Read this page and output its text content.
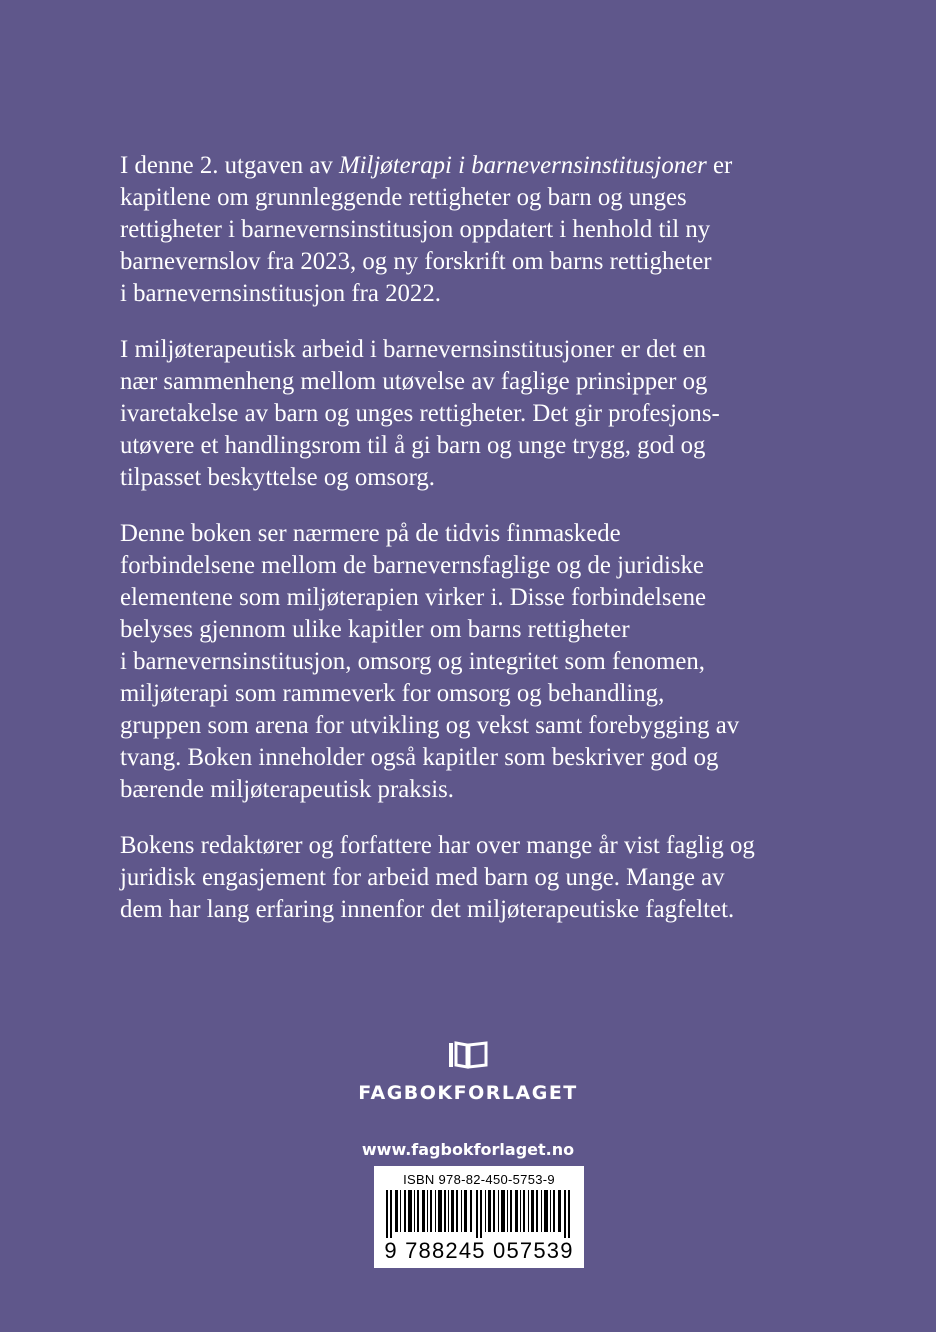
I denne 2. utgaven av Miljøterapi i barnevernsinstitusjoner er
kapitlene om grunnleggende rettigheter og barn og unges
rettigheter i barnevernsinstitusjon oppdatert i henhold til ny
barnevernslov fra 2023, og ny forskrift om barns rettigheter
i barnevernsinstitusjon fra 2022.

I miljøterapeutisk arbeid i barnevernsinstitusjoner er det en
nær sammenheng mellom utøvelse av faglige prinsipper og
ivaretakelse av barn og unges rettigheter. Det gir profesjons-
utøvere et handlingsrom til å gi barn og unge trygg, god og
tilpasset beskyttelse og omsorg.

Denne boken ser nærmere på de tidvis finmaskede
forbindelsene mellom de barnevernsfaglige og de juridiske
elementene som miljøterapien virker i. Disse forbindelsene
belyses gjennom ulike kapitler om barns rettigheter
i barnevernsinstitusjon, omsorg og integritet som fenomen,
miljøterapi som rammeverk for omsorg og behandling,
gruppen som arena for utvikling og vekst samt forebygging av
tvang. Boken inneholder også kapitler som beskriver god og
bærende miljøterapeutisk praksis.

Bokens redaktører og forfattere har over mange år vist faglig og
juridisk engasjement for arbeid med barn og unge. Mange av
dem har lang erfaring innenfor det miljøterapeutiske fagfeltet.

FAGBOKFORLAGET
www.fagbokforlaget.no
ISBN 978-82-450-5753-9
9 788245 057539
